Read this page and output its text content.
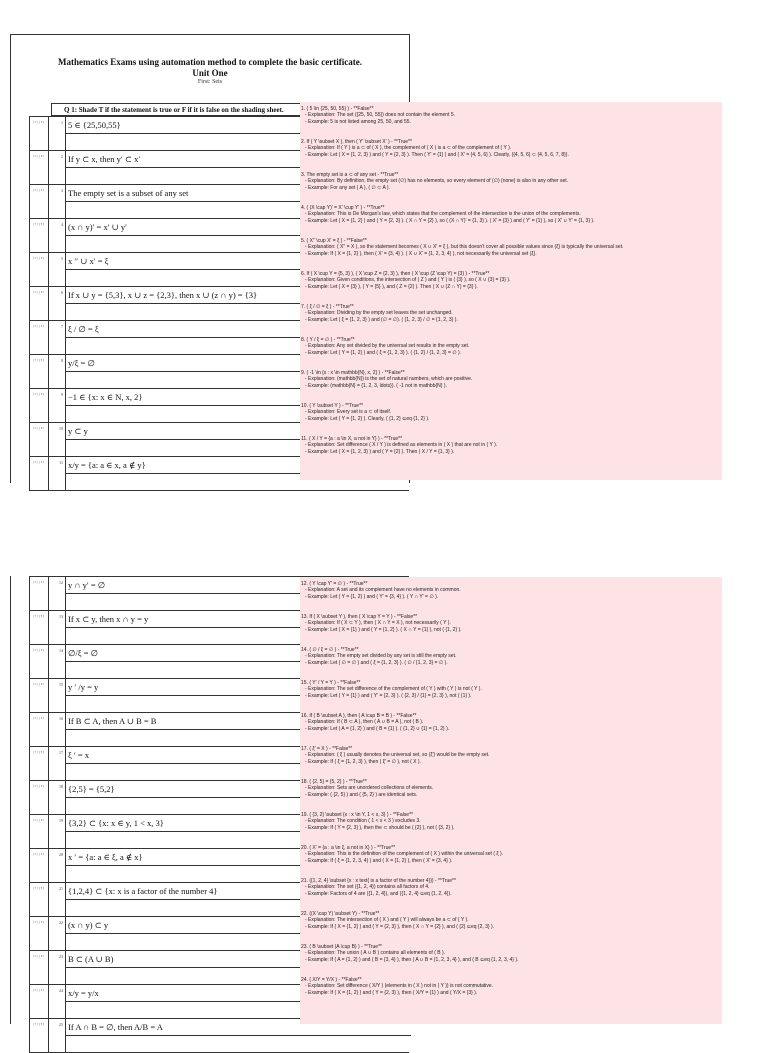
Mathematics Exams using automation method to complete the basic certificate.
Unit One
First: Sets
Q 1: Shade T if the statement is true or F if it is false on the shading sheet.
( T ) ( F )	1 5 ∈ {25,50,55}
( T ) ( F )	2 If y ⊂ x, then y′ ⊂ x′
( T ) ( F )	3 The empty set is a subset of any set
( T ) ( F )	4 (x ∩ y)′ = x′ ∪ y′
( T ) ( F )	5 x ′′ ∪ x′ = ξ
( T ) ( F )	6 If x ∪ y = {5,3}, x ∪ z = {2,3}, then x ∪ (z ∩ y) = {3}
( T ) ( F )	7 ξ / ∅ = ξ
( T ) ( F )	8 y/ξ = ∅
( T ) ( F )	9 −1 ∈ {x: x ∈ N, x, 2}
( T ) ( F )	10 y ⊂ y
( T ) ( F )	11 x/y = {a: a ∈ x, a ∉ y}
( T ) ( F )	12 y ∩ y′ = ∅
( T ) ( F )	13 If x ⊂ y, then x ∩ y = y
( T ) ( F )	14 ∅/ξ = ∅
( T ) ( F )	15 y ′ /y = y
( T ) ( F )	16 If B ⊂ A, then A ∪ B = B
( T ) ( F )	17 ξ ′ = x
( T ) ( F )	18 {2,5} = {5,2}
( T ) ( F )	19 {3,2} ⊂ {x: x ∈ y, 1 < x, 3}
( T ) ( F )	20 x ′ = {a: a ∈ ξ, a ∉ x}
( T ) ( F )	21 {1,2,4} ⊂ {x: x is a factor of the number 4}
( T ) ( F )	22 (x ∩ y) ⊂ y
( T ) ( F )	23 B ⊂ (A ∪ B)
( T ) ( F )	24 x/y = y/x
( T ) ( F )	25 If A ∩ B = ∅, then A/B = A
1. ( 5 \in {25, 50, 55} ) - **False**
- Explanation: The set ({25, 50, 55}) does not contain the element 5.
- Example: 5 is not listed among 25, 50, and 55.
2. If ( Y \subset X ), then ( Y' \subset X' ) - **True**
- Explanation: If ( Y ) is a ⊂ of ( X ), the complement of ( X ) is a ⊂ of the complement of ( Y ).
- Example: Let ( X = {1, 2, 3} ) and ( Y = {2, 3} ). Then ( Y' = {1} ) and ( X' = {4, 5, 6} ). Clearly, ({4, 5, 6} ⊂ {4, 5, 6, 7, 8}).
3. The empty set is a ⊂ of any set - **True**
- Explanation: By definition, the empty set (∅) has no elements, so every element of (∅) (none) is also in any other set.
- Example: For any set ( A ), ( ∅ ⊂ A ).
4. ( (X \cap Y)' = X' \cup Y' ) - **True**
- Explanation: This is De Morgan's law, which states that the complement of the intersection is the union of the complements.
- Example: Let ( X = {1, 2} ) and ( Y = {2, 3} ). ( X ∩ Y = {2} ), so ( (X ∩ Y)' = {1, 3} ). ( X' = {3} ) and ( Y' = {1} ), so ( X' ∪ Y' = {1, 3} ).
5. ( X'' \cup X' = ξ ) - **False**
- Explanation: ( X'' = X ), so the statement becomes ( X ∪ X' = ξ ), but this doesn't cover all possible values since (ξ) is typically the universal set.
- Example: If ( X = {1, 2} ), then ( X' = {3, 4} ). ( X ∪ X' = {1, 2, 3, 4} ), not necessarily the universal set (ξ).
6. If ( X \cup Y = {5, 3} ), ( X \cup Z = {2, 3} ), then ( X \cup (Z \cap Y) = {3} ) - **True**
- Explanation: Given conditions, the intersection of ( Z ) and ( Y ) is ( {3} ), so ( X ∪ {3} = {3} ).
- Example: Let ( X = {3} ), ( Y = {5} ), and ( Z = {2} ). Then ( X ∪ (Z ∩ Y) = {3} ).
7. ( ξ / ∅ = ξ ) - **True**
- Explanation: Dividing by the empty set leaves the set unchanged.
- Example: Let ( ξ = {1, 2, 3} ) and (∅ = ∅). ( {1, 2, 3} / ∅ = {1, 2, 3} ).
8. ( Y / ξ = ∅ ) - **True**
- Explanation: Any set divided by the universal set results in the empty set.
- Example: Let ( Y = {1, 2} ) and ( ξ = {1, 2, 3} ). ( {1, 2} / {1, 2, 3} = ∅ ).
9. ( -1 \in {x : x \in mathbb{N}, x, 2} ) - **False**
- Explanation: (mathbb{N}) is the set of natural numbers, which are positive.
- Example: (mathbb{N} = {1, 2, 3, ldots}). ( -1 not in mathbb{N} ).
10. ( Y \subset Y ) - **True**
- Explanation: Every set is a ⊂ of itself.
- Example: Let ( Y = {1, 2} ). Clearly, ( {1, 2} ⊆eq {1, 2} ).
11. ( X / Y = {a : a \in X, a not in Y} ) - **True**
- Explanation: Set difference ( X / Y ) is defined as elements in ( X ) that are not in ( Y ).
- Example: Let ( X = {1, 2, 3} ) and ( Y = {2} ). Then ( X / Y = {1, 3} ).
12. ( Y \cap Y' = ∅ ) - **True**
- Explanation: A set and its complement have no elements in common.
- Example: Let ( Y = {1, 2} ) and ( Y' = {3, 4} ). ( Y ∩ Y' = ∅ ).
13. If ( X \subset Y ), then ( X \cap Y = Y ) - **False**
- Explanation: If ( X ⊂ Y ), then ( X ∩ Y = X ), not necessarily ( Y ).
- Example: Let ( X = {1} ) and ( Y = {1, 2} ). ( X ∩ Y = {1} ), not ( {1, 2} ).
14. ( ∅ / ξ = ∅ ) - **True**
- Explanation: The empty set divided by any set is still the empty set.
- Example: Let ( ∅ = ∅ ) and ( ξ = {1, 2, 3} ). ( ∅ / {1, 2, 3} = ∅ ).
15. ( Y' / Y = Y ) - **False**
- Explanation: The set difference of the complement of ( Y ) with ( Y ) is not ( Y ).
- Example: Let ( Y = {1} ) and ( Y' = {2, 3} ). ( {2, 3} / {1} = {2, 3} ), not ( {1} ).
16. If ( B \subset A ), then ( A \cup B = B ) - **False**
- Explanation: If ( B ⊂ A ), then ( A ∪ B = A ), not ( B ).
- Example: Let ( A = {1, 2} ) and ( B = {1} ). ( {1, 2} ∪ {1} = {1, 2} ).
17. ( ξ' = X ) - **False**
- Explanation: ( ξ ) usually denotes the universal set, so (ξ') would be the empty set.
- Example: If ( ξ = {1, 2, 3} ), then ( ξ' = ∅ ), not ( X ).
18. ( {2, 5} = {5, 2} ) - **True**
- Explanation: Sets are unordered collections of elements.
- Example: ( {2, 5} ) and ( {5, 2} ) are identical sets.
19. ( {3, 2} \subset {x : x \in Y, 1 < x, 3} ) - **False**
- Explanation: The condition ( 1 < x < 3 ) excludes 3.
- Example: If ( Y = {2, 3} ), then the ⊂ should be ( {2} ), not ( {3, 2} ).
20. ( X' = {a : a \in ξ, a not in X} ) - **True**
- Explanation: This is the definition of the complement of ( X ) within the universal set ( ξ ).
- Example: If ( ξ = {1, 2, 3, 4} ) and ( X = {1, 2} ), then ( X' = {3, 4} ).
21. ({1, 2, 4} \subset {x : x text{ is a factor of the number 4}}) - **True**
- Explanation: The set ({1, 2, 4}) contains all factors of 4.
- Example: Factors of 4 are ({1, 2, 4}), and ({1, 2, 4} ⊆eq {1, 2, 4}).
22. ((X \cap Y) \subset Y) - **True**
- Explanation: The intersection of ( X ) and ( Y ) will always be a ⊂ of ( Y ).
- Example: If ( X = {1, 2} ) and ( Y = {2, 3} ), then ( X ∩ Y = {2} ), and ( {2} ⊆eq {2, 3} ).
23. ( B \subset (A \cup B) ) - **True**
- Explanation: The union ( A ∪ B ) contains all elements of ( B ).
- Example: If ( A = {1, 2} ) and ( B = {3, 4} ), then ( A ∪ B = {1, 2, 3, 4} ), and ( B ⊆eq {1, 2, 3, 4} ).
24. ( X/Y = Y/X ) - **False**
- Explanation: Set difference ( X/Y ) (elements in ( X ) not in ( Y )) is not commutative.
- Example: If ( X = {1, 2} ) and ( Y = {2, 3} ), then ( X/Y = {1} ) and ( Y/X = {3} ).
